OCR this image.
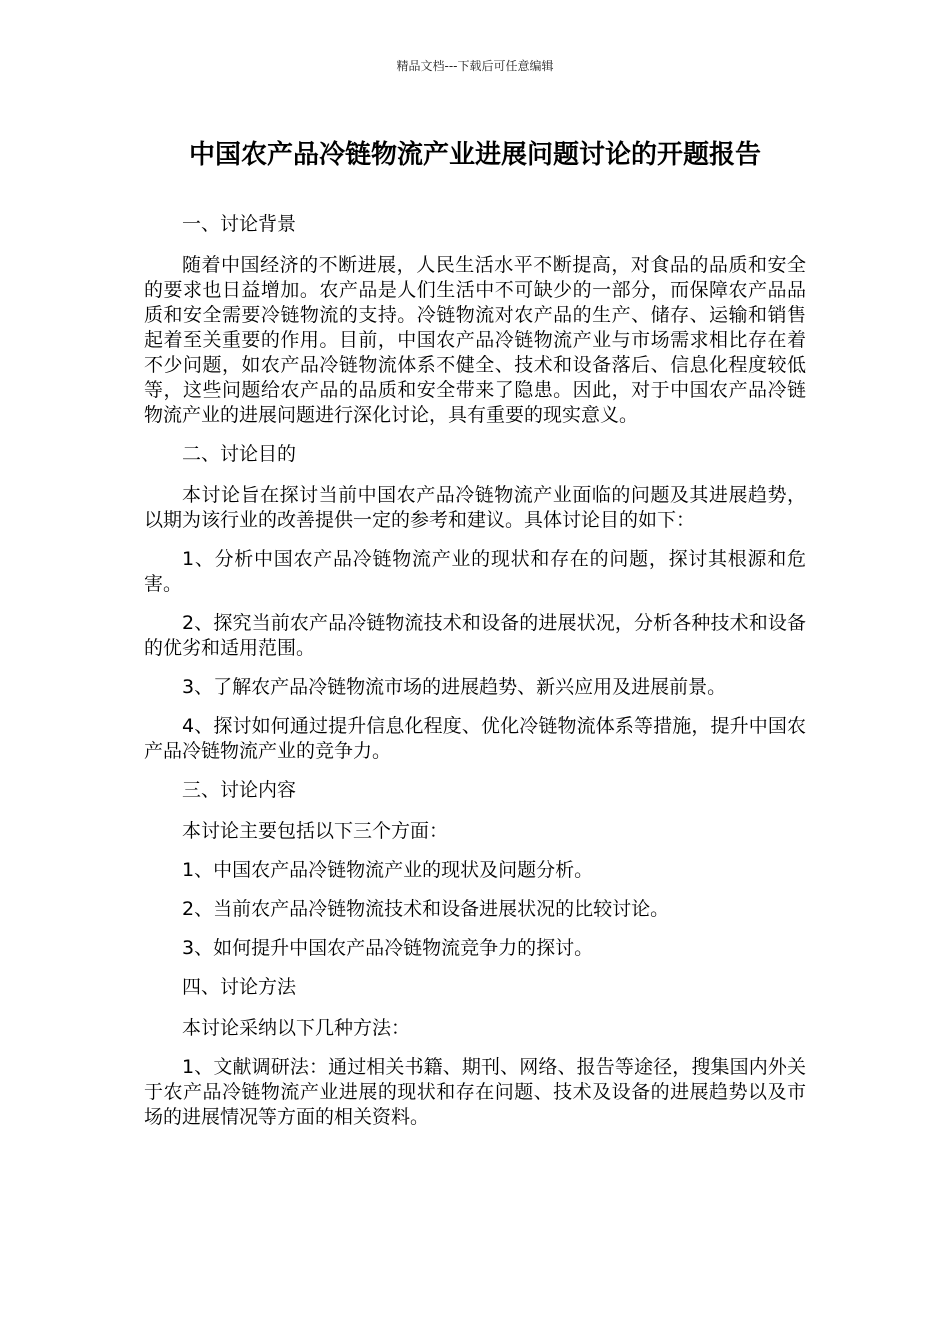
精品文档---下载后可任意编辑
中国农产品冷链物流产业进展问题讨论的开题报告

一、讨论背景

随着中国经济的不断进展，人民生活水平不断提高，对食品的品质和安全的要求也日益增加。农产品是人们生活中不可缺少的一部分，而保障农产品品质和安全需要冷链物流的支持。冷链物流对农产品的生产、储存、运输和销售起着至关重要的作用。目前，中国农产品冷链物流产业与市场需求相比存在着不少问题，如农产品冷链物流体系不健全、技术和设备落后、信息化程度较低等，这些问题给农产品的品质和安全带来了隐患。因此，对于中国农产品冷链物流产业的进展问题进行深化讨论，具有重要的现实意义。

二、讨论目的

本讨论旨在探讨当前中国农产品冷链物流产业面临的问题及其进展趋势，以期为该行业的改善提供一定的参考和建议。具体讨论目的如下：

1、分析中国农产品冷链物流产业的现状和存在的问题，探讨其根源和危害。

2、探究当前农产品冷链物流技术和设备的进展状况，分析各种技术和设备的优劣和适用范围。

3、了解农产品冷链物流市场的进展趋势、新兴应用及进展前景。

4、探讨如何通过提升信息化程度、优化冷链物流体系等措施，提升中国农产品冷链物流产业的竞争力。

三、讨论内容

本讨论主要包括以下三个方面：

1、中国农产品冷链物流产业的现状及问题分析。

2、当前农产品冷链物流技术和设备进展状况的比较讨论。

3、如何提升中国农产品冷链物流竞争力的探讨。

四、讨论方法

本讨论采纳以下几种方法：

1、文献调研法：通过相关书籍、期刊、网络、报告等途径，搜集国内外关于农产品冷链物流产业进展的现状和存在问题、技术及设备的进展趋势以及市场的进展情况等方面的相关资料。
